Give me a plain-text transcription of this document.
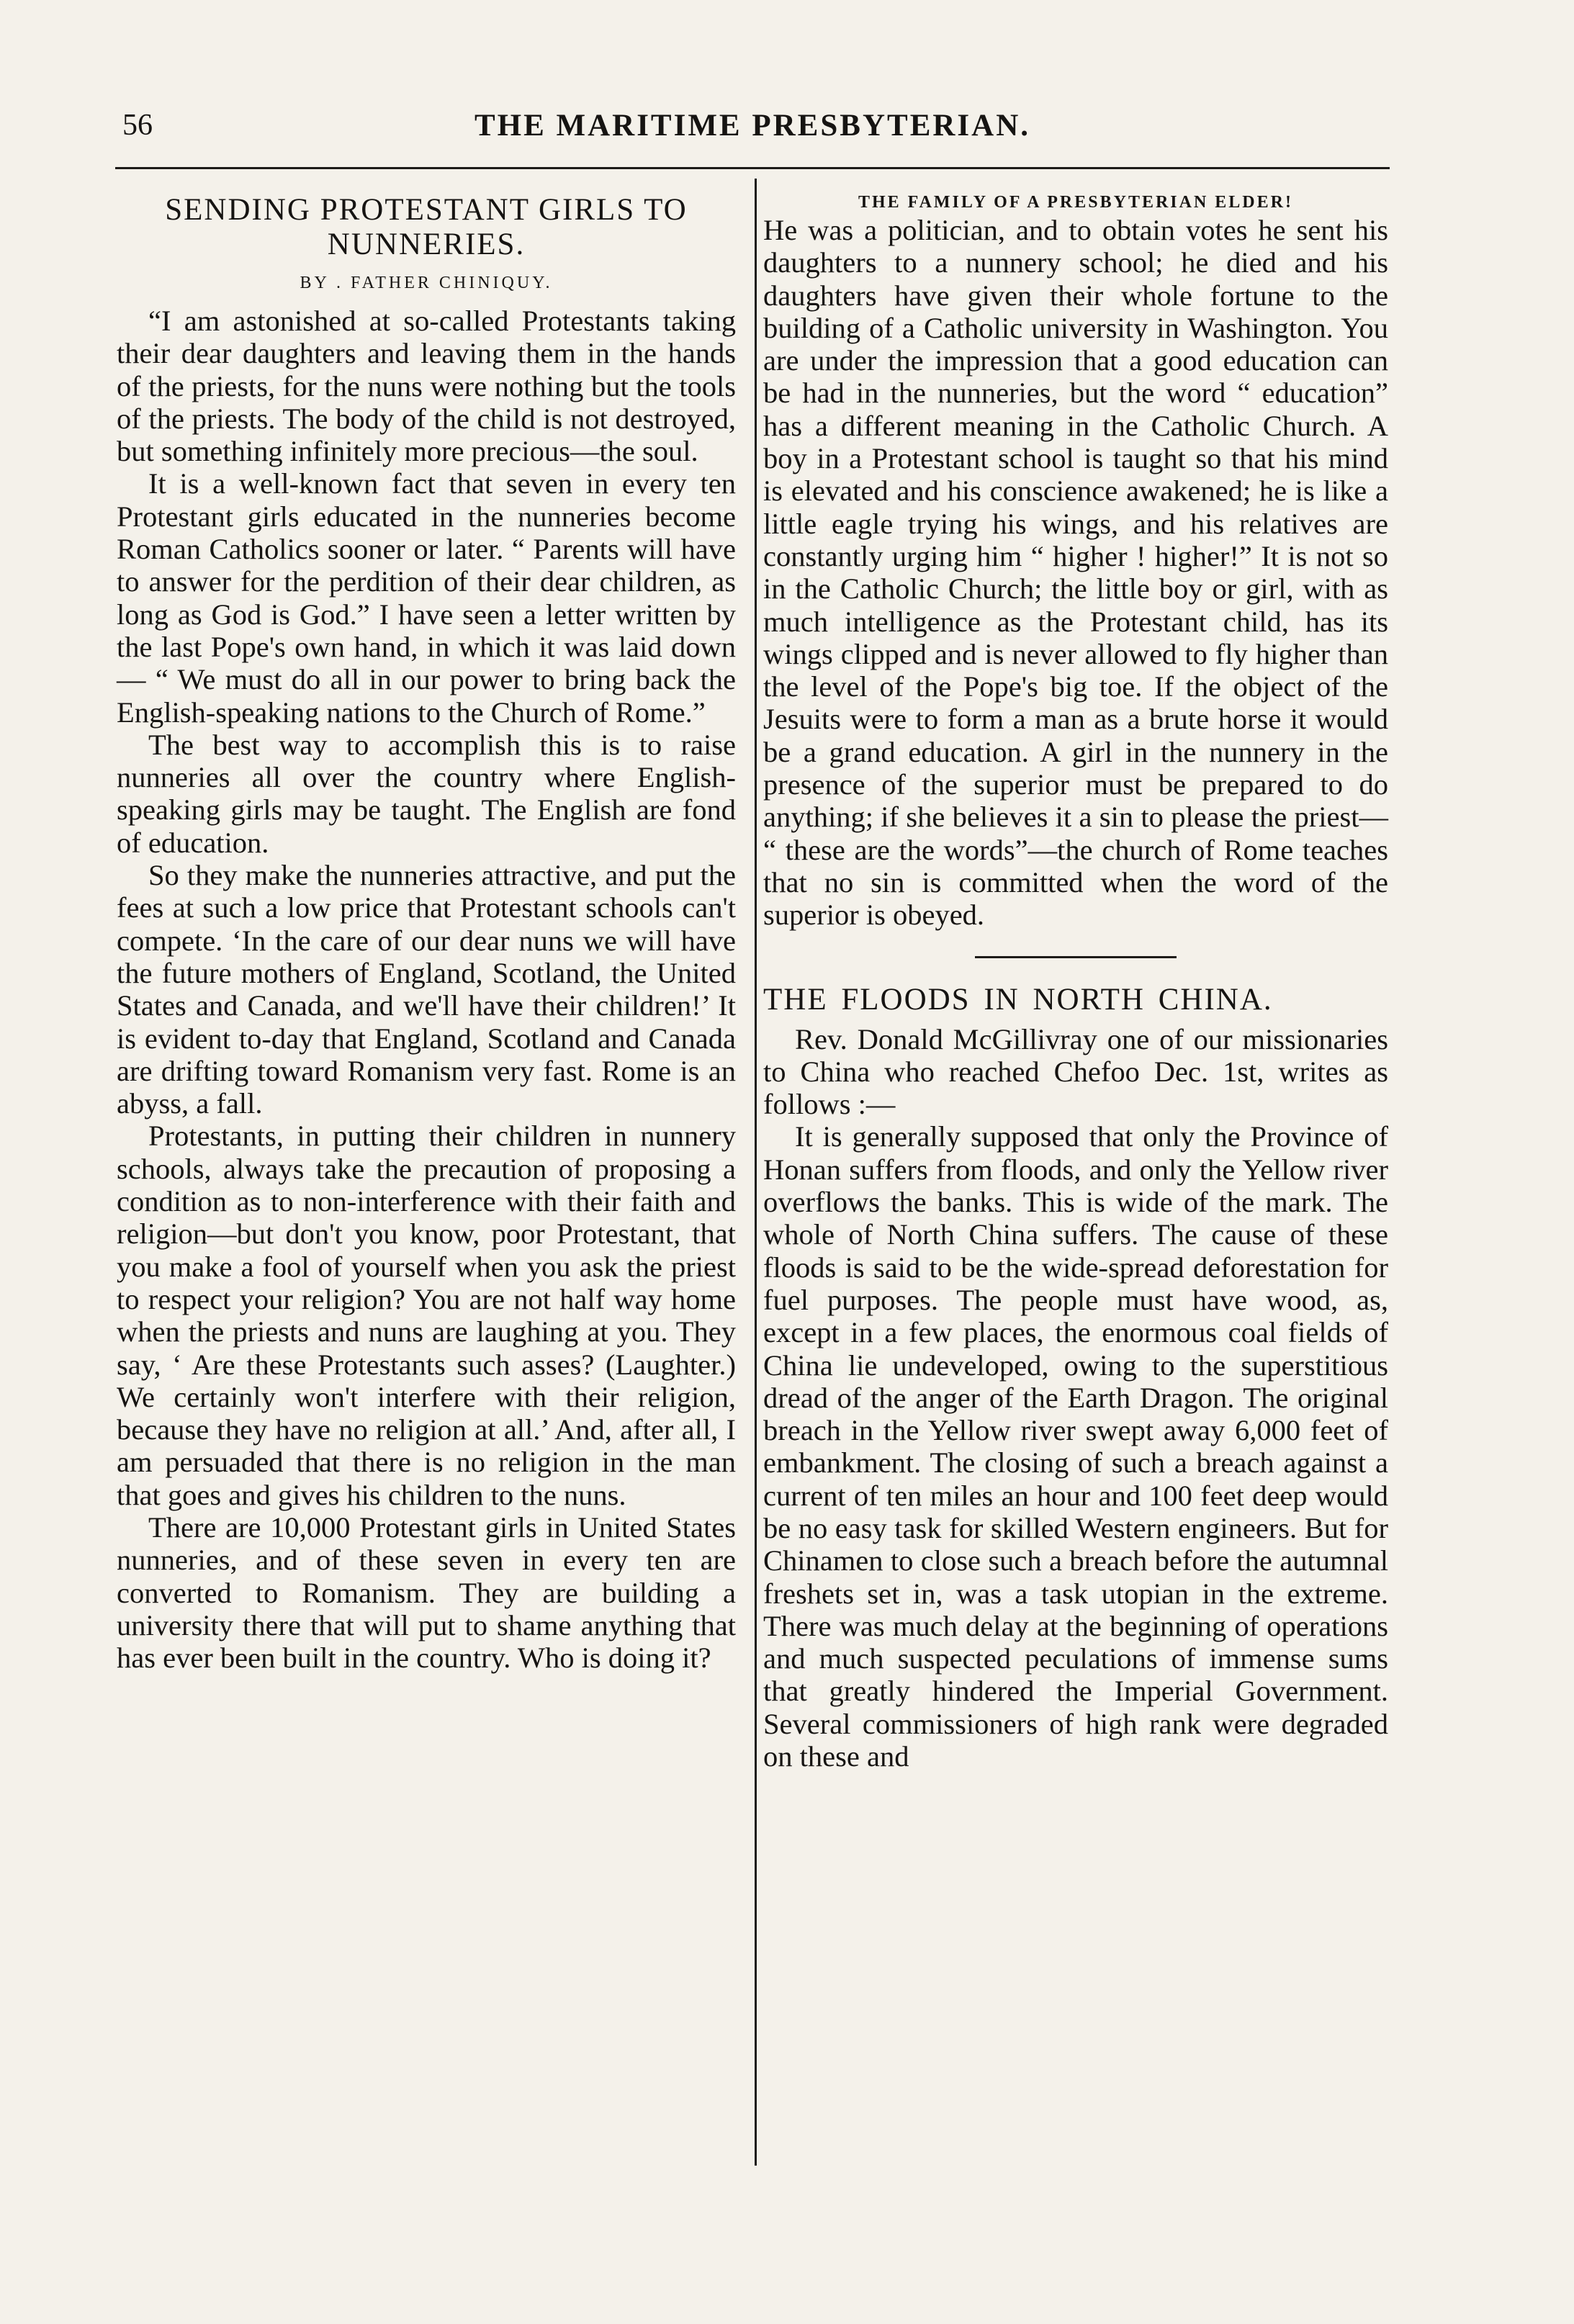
56	THE MARITIME PRESBYTERIAN.
SENDING PROTESTANT GIRLS TO NUNNERIES.
BY . FATHER CHINIQUY.

“I am astonished at so-called Protestants taking their dear daughters and leaving them in the hands of the priests, for the nuns were nothing but the tools of the priests. The body of the child is not destroyed, but something infinitely more precious—the soul.

It is a well-known fact that seven in every ten Protestant girls educated in the nunneries become Roman Catholics sooner or later. “ Parents will have to answer for the perdition of their dear children, as long as God is God.” I have seen a letter written by the last Pope's own hand, in which it was laid down— “ We must do all in our power to bring back the English-speaking nations to the Church of Rome.”

The best way to accomplish this is to raise nunneries all over the country where English-speaking girls may be taught. The English are fond of education.

So they make the nunneries attractive, and put the fees at such a low price that Protestant schools can't compete. ‘In the care of our dear nuns we will have the future mothers of England, Scotland, the United States and Canada, and we'll have their children!’ It is evident to-day that England, Scotland and Canada are drifting toward Romanism very fast. Rome is an abyss, a fall.

Protestants, in putting their children in nunnery schools, always take the precaution of proposing a condition as to non-interference with their faith and religion—but don't you know, poor Protestant, that you make a fool of yourself when you ask the priest to respect your religion? You are not half way home when the priests and nuns are laughing at you. They say, ‘ Are these Protestants such asses? (Laughter.) We certainly won't interfere with their religion, because they have no religion at all.’ And, after all, I am persuaded that there is no religion in the man that goes and gives his children to the nuns.

There are 10,000 Protestant girls in United States nunneries, and of these seven in every ten are converted to Romanism. They are building a university there that will put to shame anything that has ever been built in the country. Who is doing it?

THE FAMILY OF A PRESBYTERIAN ELDER!

He was a politician, and to obtain votes he sent his daughters to a nunnery school; he died and his daughters have given their whole fortune to the building of a Catholic university in Washington. You are under the impression that a good education can be had in the nunneries, but the word “ education” has a different meaning in the Catholic Church. A boy in a Protestant school is taught so that his mind is elevated and his conscience awakened; he is like a little eagle trying his wings, and his relatives are constantly urging him “ higher ! higher!” It is not so in the Catholic Church; the little boy or girl, with as much intelligence as the Protestant child, has its wings clipped and is never allowed to fly higher than the level of the Pope's big toe. If the object of the Jesuits were to form a man as a brute horse it would be a grand education. A girl in the nunnery in the presence of the superior must be prepared to do anything; if she believes it a sin to please the priest— “ these are the words”—the church of Rome teaches that no sin is committed when the word of the superior is obeyed.

THE FLOODS IN NORTH CHINA.

Rev. Donald McGillivray one of our missionaries to China who reached Chefoo Dec. 1st, writes as follows :—

It is generally supposed that only the Province of Honan suffers from floods, and only the Yellow river overflows the banks. This is wide of the mark. The whole of North China suffers. The cause of these floods is said to be the wide-spread deforestation for fuel purposes. The people must have wood, as, except in a few places, the enormous coal fields of China lie undeveloped, owing to the superstitious dread of the anger of the Earth Dragon. The original breach in the Yellow river swept away 6,000 feet of embankment. The closing of such a breach against a current of ten miles an hour and 100 feet deep would be no easy task for skilled Western engineers. But for Chinamen to close such a breach before the autumnal freshets set in, was a task utopian in the extreme. There was much delay at the beginning of operations and much suspected peculations of immense sums that greatly hindered the Imperial Government. Several commissioners of high rank were degraded on these and
